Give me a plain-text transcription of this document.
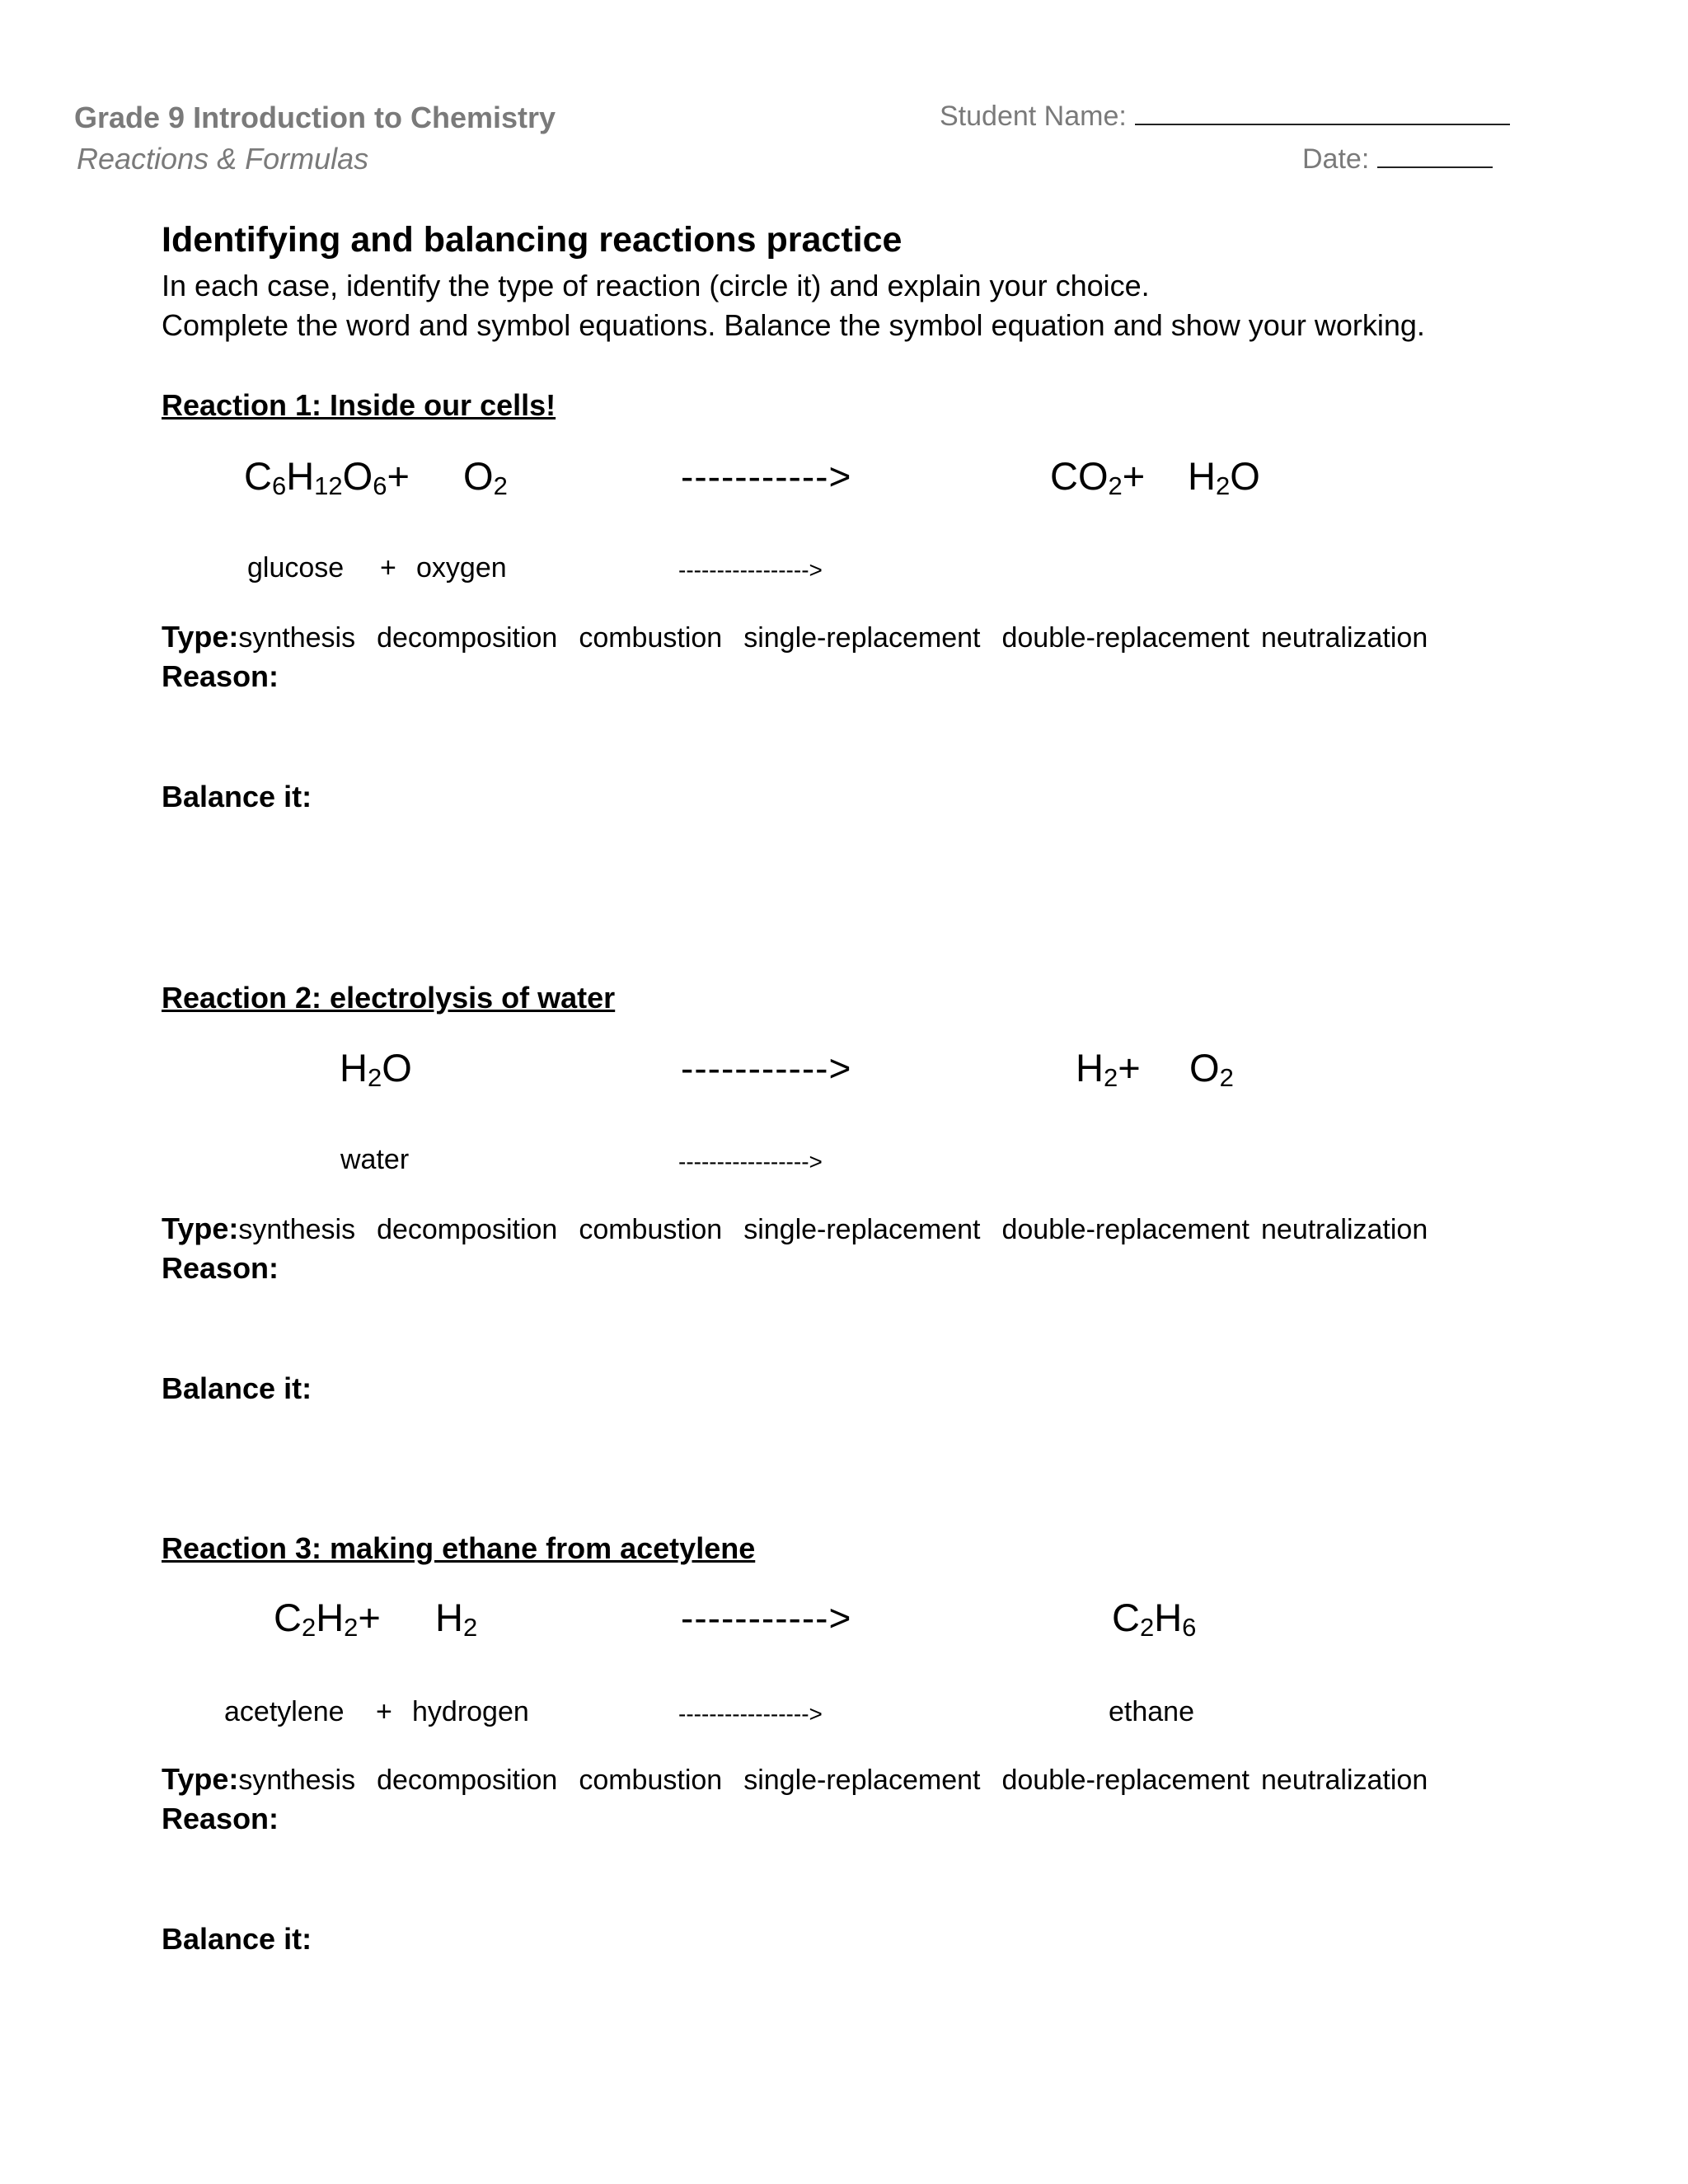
Grade 9 Introduction to Chemistry
Reactions & Formulas
Student Name:
Date:
Identifying and balancing reactions practice
In each case, identify the type of reaction (circle it) and explain your choice.
Complete the word and symbol equations. Balance the symbol equation and show your working.
Reaction 1: Inside our cells!
$C_6H_{12}O_6+ O_2$	----------->	$CO_2+ H_2O$
glucose + oxygen	----------------->
Type:synthesis decomposition combustion single-replacement double-replacement neutralization
Reason:
Balance it:
Reaction 2: electrolysis of water
$H_2O$	----------->	$H_2+ O_2$
water	----------------->
Type:synthesis decomposition combustion single-replacement double-replacement neutralization
Reason:
Balance it:
Reaction 3: making ethane from acetylene
$C_2H_2+ H_2$	----------->	$C_2H_6$
acetylene + hydrogen	----------------->	ethane
Type:synthesis decomposition combustion single-replacement double-replacement neutralization
Reason:
Balance it:
